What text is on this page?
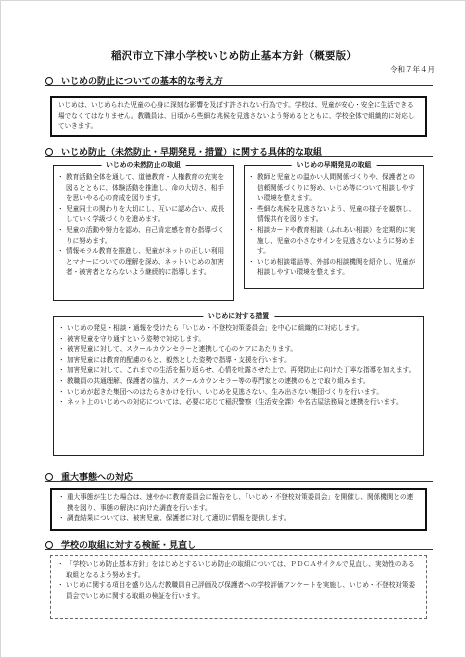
稲沢市立下津小学校いじめ防止基本方針（概要版）
令和７年４月
いじめの防止についての基本的な考え方

いじめは、いじめられた児童の心身に深刻な影響を及ぼす許されない行為です。学校は、児童が安心・安全に生活できる場でなくてはなりません。教職員は、日頃から些細な兆候を見逃さないよう努めるとともに、学校全体で組織的に対応していきます。

いじめ防止（未然防止・早期発見・措置）に関する具体的な取組
いじめの未然防止の取組
・ 教育活動全体を通して、道徳教育・人権教育の充実を図るとともに、体験活動を推進し、命の大切さ、相手を思いやる心の育成を図ります。
・ 児童同士の関わりを大切にし、互いに認め合い、成長していく学級づくりを進めます。
・ 児童の活動や努力を認め、自己肯定感を育む指導づくりに努めます。
・ 情報モラル教育を推進し、児童がネットの正しい利用とマナーについての理解を深め、ネットいじめの加害者・被害者とならないよう継続的に指導します。
いじめの早期発見の取組
・ 教師と児童との温かい人間関係づくりや、保護者との信頼関係づくりに努め、いじめ等について相談しやすい環境を整えます。
・ 些細な兆候を見逃さないよう、児童の様子を観察し、情報共有を図ります。
・ 相談カードや教育相談（ふれあい相談）を定期的に実施し、児童の小さなサインを見逃さないように努めます。
・ いじめ相談電話等、外部の相談機関を紹介し、児童が相談しやすい環境を整えます。
いじめに対する措置
・ いじめの発見・相談・通報を受けたら「いじめ・不登校対策委員会」を中心に組織的に対応します。
・ 被害児童を守り通すという姿勢で対応します。
・ 被害児童に対して、スクールカウンセラーと連携して心のケアにあたります。
・ 加害児童には教育的配慮のもと、毅然とした姿勢で指導・支援を行います。
・ 加害児童に対して、これまでの生活を振り返らせ、心情を吐露させた上で、再発防止に向けた丁寧な指導を加えます。
・ 教職員の共通理解、保護者の協力、スクールカウンセラー等の専門家との連携のもとで取り組みます。
・ いじめが起きた集団へのはたらきかけを行い、いじめを見逃さない、生み出さない集団づくりを行います。
・ ネット上のいじめへの対応については、必要に応じて稲沢警察（生活安全課）や名古屋法務局と連携を行います。
重大事態への対応
・ 重大事態が生じた場合は、速やかに教育委員会に報告をし、「いじめ・不登校対策委員会」を開催し、関係機関との連携を図り、事態の解決に向けた調査を行います。
・ 調査結果については、被害児童、保護者に対して適切に情報を提供します。
学校の取組に対する検証・見直し
・ 「学校いじめ防止基本方針」をはじめとするいじめ防止の取組については、ＰＤＣＡサイクルで見直し、実効性のある取組となるよう努めます。
・ いじめに関する項目を盛り込んだ教職員自己評価及び保護者への学校評価アンケートを実施し、いじめ・不登校対策委員会でいじめに関する取組の検証を行います。
